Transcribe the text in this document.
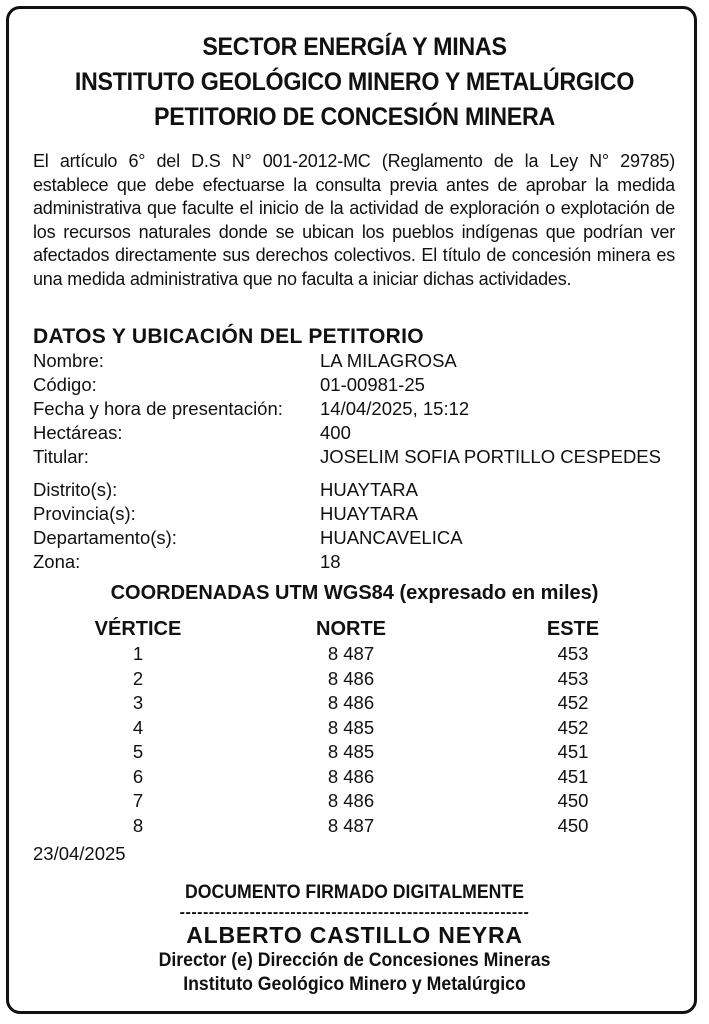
SECTOR ENERGÍA Y MINAS
INSTITUTO GEOLÓGICO MINERO Y METALÚRGICO
PETITORIO DE CONCESIÓN MINERA
El artículo 6° del D.S N° 001-2012-MC (Reglamento de la Ley N° 29785) establece que debe efectuarse la consulta previa antes de aprobar la medida administrativa que faculte el inicio de la actividad de exploración o explotación de los recursos naturales donde se ubican los pueblos indígenas que podrían ver afectados directamente sus derechos colectivos. El título de concesión minera es una medida administrativa que no faculta a iniciar dichas actividades.
DATOS Y UBICACIÓN DEL PETITORIO
Nombre:	LA MILAGROSA
Código:	01-00981-25
Fecha y hora de presentación:	14/04/2025, 15:12
Hectáreas:	400
Titular:	JOSELIM SOFIA PORTILLO CESPEDES
Distrito(s):	HUAYTARA
Provincia(s):	HUAYTARA
Departamento(s):	HUANCAVELICA
Zona:	18
COORDENADAS UTM WGS84 (expresado en miles)
VÉRTICE	NORTE	ESTE
1	8 487	453
2	8 486	453
3	8 486	452
4	8 485	452
5	8 485	451
6	8 486	451
7	8 486	450
8	8 487	450
23/04/2025
DOCUMENTO FIRMADO DIGITALMENTE
------------------------------------------------------------
ALBERTO CASTILLO NEYRA
Director (e) Dirección de Concesiones Mineras
Instituto Geológico Minero y Metalúrgico
